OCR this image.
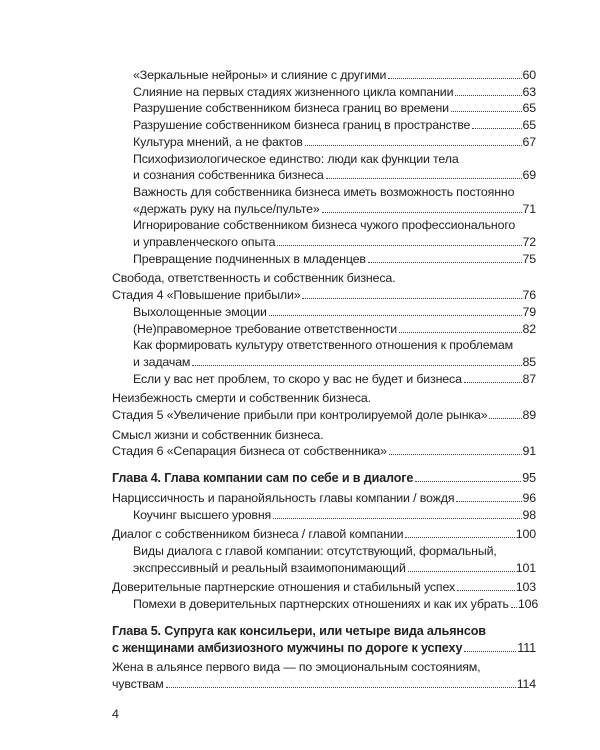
«Зеркальные нейроны» и слияние с другими	60
Слияние на первых стадиях жизненного цикла компании	63
Разрушение собственником бизнеса границ во времени	65
Разрушение собственником бизнеса границ в пространстве	65
Культура мнений, а не фактов	67
Психофизиологическое единство: люди как функции тела
и сознания собственника бизнеса	69
Важность для собственника бизнеса иметь возможность постоянно
«держать руку на пульсе/пульте»	71
Игнорирование собственником бизнеса чужого профессионального
и управленческого опыта	72
Превращение подчиненных в младенцев	75
Свобода, ответственность и собственник бизнеса.
Стадия 4 «Повышение прибыли»	76
Выхолощенные эмоции	79
(Не)правомерное требование ответственности	82
Как формировать культуру ответственного отношения к проблемам
и задачам	85
Если у вас нет проблем, то скоро у вас не будет и бизнеса	87
Неизбежность смерти и собственник бизнеса.
Стадия 5 «Увеличение прибыли при контролируемой доле рынка»	89
Смысл жизни и собственник бизнеса.
Стадия 6 «Сепарация бизнеса от собственника»	91
Глава 4. Глава компании сам по себе и в диалоге	95
Нарциссичность и паранойяльность главы компании / вождя	96
Коучинг высшего уровня	98
Диалог с собственником бизнеса / главой компании	100
Виды диалога с главой компании: отсутствующий, формальный,
экспрессивный и реальный взаимопонимающий	101
Доверительные партнерские отношения и стабильный успех	103
Помехи в доверительных партнерских отношениях и как их убрать 106
Глава 5. Супруга как консильери, или четыре вида альянсов
с женщинами амбизиозного мужчины по дороге к успеху	111
Жена в альянсе первого вида — по эмоциональным состояниям,
чувствам	114
4
